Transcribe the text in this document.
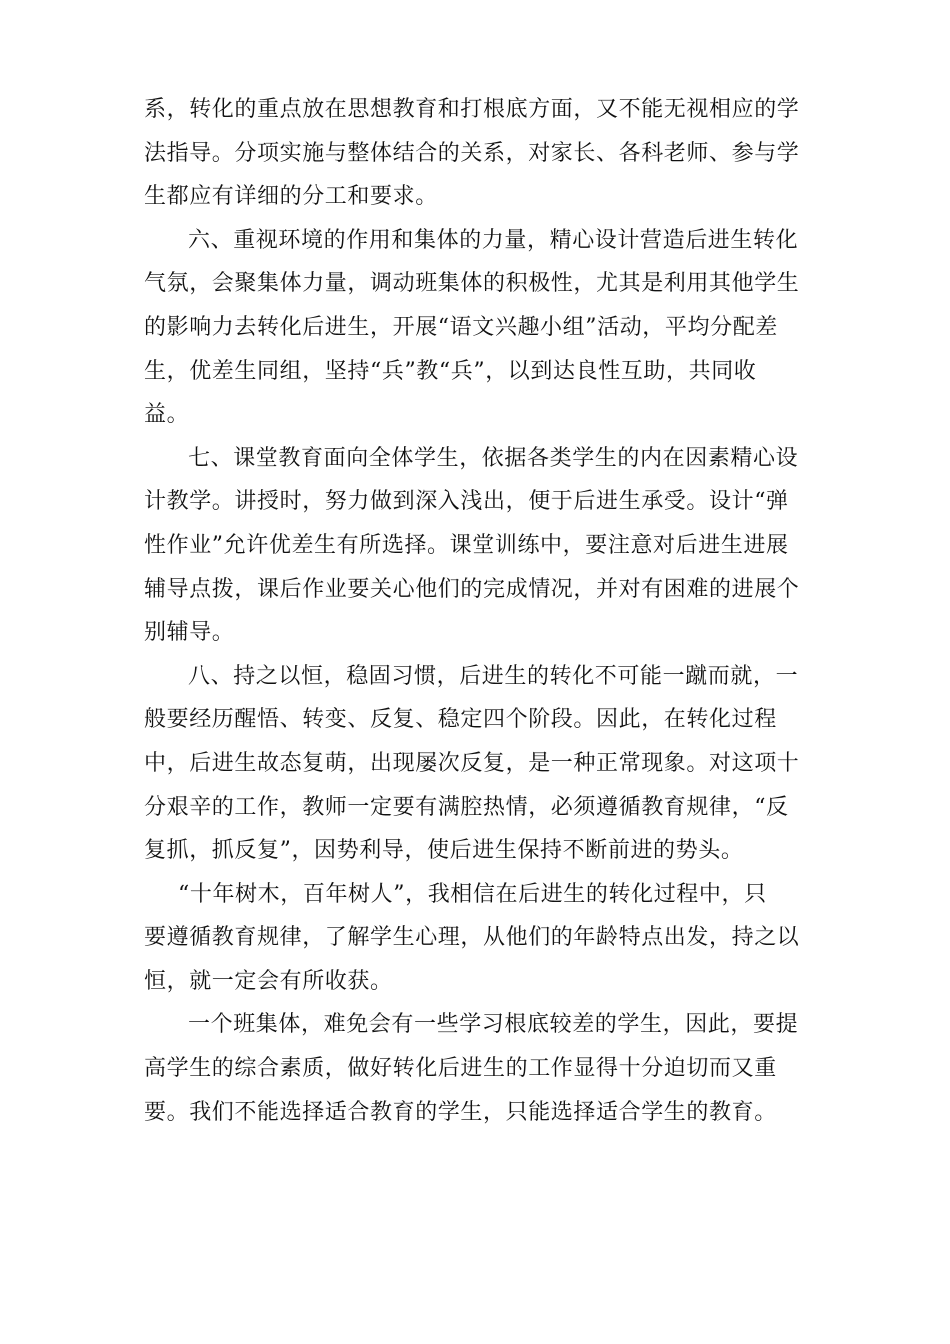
系，转化的重点放在思想教育和打根底方面，又不能无视相应的学
法指导。分项实施与整体结合的关系，对家长、各科老师、参与学
生都应有详细的分工和要求。
六、重视环境的作用和集体的力量，精心设计营造后进生转化
气氛，会聚集体力量，调动班集体的积极性，尤其是利用其他学生
的影响力去转化后进生，开展“语文兴趣小组”活动，平均分配差
生，优差生同组，坚持“兵”教“兵”，以到达良性互助，共同收
益。
七、课堂教育面向全体学生，依据各类学生的内在因素精心设
计教学。讲授时，努力做到深入浅出，便于后进生承受。设计“弹
性作业”允许优差生有所选择。课堂训练中，要注意对后进生进展
辅导点拨，课后作业要关心他们的完成情况，并对有困难的进展个
别辅导。
八、持之以恒，稳固习惯，后进生的转化不可能一蹴而就，一
般要经历醒悟、转变、反复、稳定四个阶段。因此，在转化过程
中，后进生故态复萌，出现屡次反复，是一种正常现象。对这项十
分艰辛的工作，教师一定要有满腔热情，必须遵循教育规律，“反
复抓，抓反复”，因势利导，使后进生保持不断前进的势头。
“十年树木，百年树人”，我相信在后进生的转化过程中，只
要遵循教育规律，了解学生心理，从他们的年龄特点出发，持之以
恒，就一定会有所收获。
一个班集体，难免会有一些学习根底较差的学生，因此，要提
高学生的综合素质，做好转化后进生的工作显得十分迫切而又重
要。我们不能选择适合教育的学生，只能选择适合学生的教育。
